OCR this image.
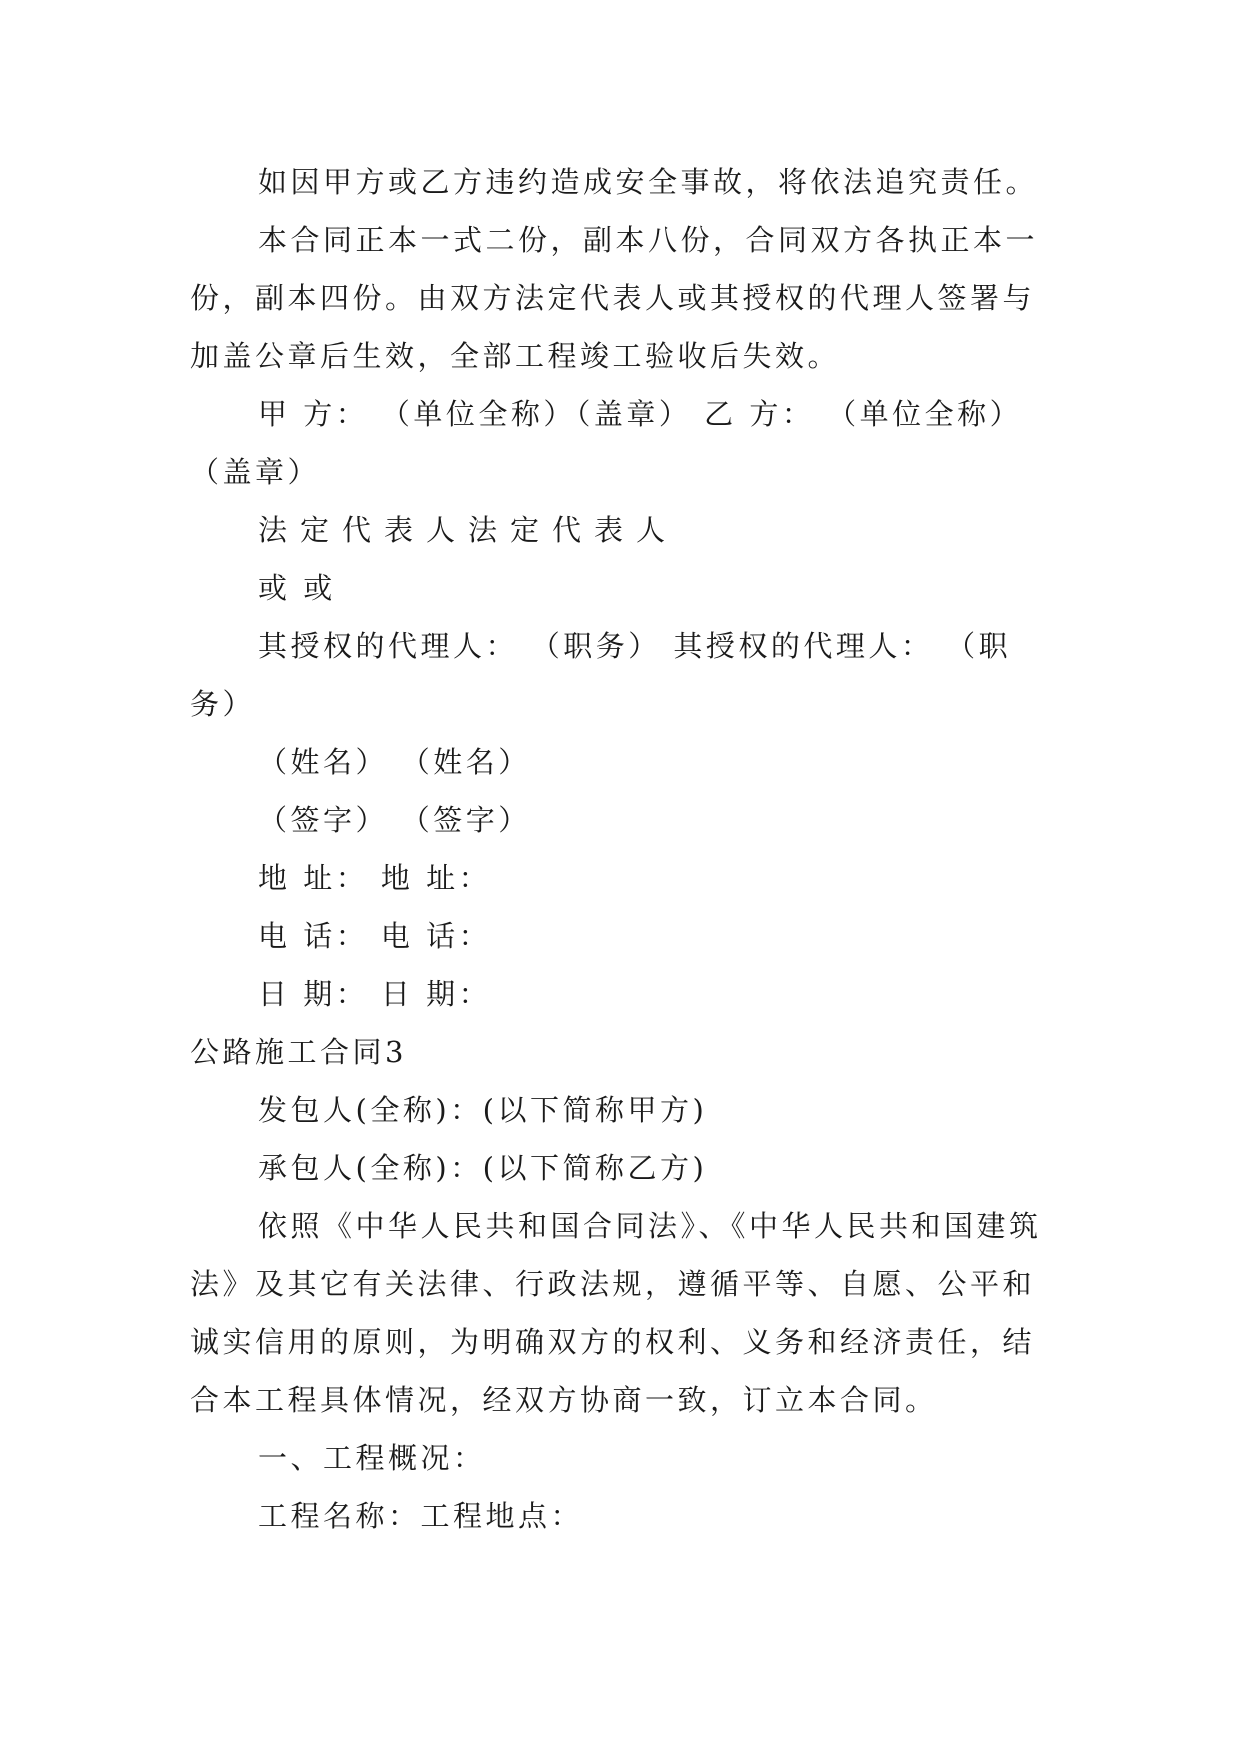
如因甲方或乙方违约造成安全事故，将依法追究责任。

本合同正本一式二份，副本八份，合同双方各执正本一份，副本四份。由双方法定代表人或其授权的代理人签署与加盖公章后生效，全部工程竣工验收后失效。

甲 方： （单位全称）（盖章） 乙 方： （单位全称）（盖章）

法定代表人法定代表人

或 或

其授权的代理人： （职务） 其授权的代理人： （职务）

（姓名） （姓名）

（签字） （签字）

地 址： 地 址：

电 话： 电 话：

日 期： 日 期：

公路施工合同3

发包人(全称)：(以下简称甲方)

承包人(全称)：(以下简称乙方)

依照《中华人民共和国合同法》、《中华人民共和国建筑法》及其它有关法律、行政法规，遵循平等、自愿、公平和诚实信用的原则，为明确双方的权利、义务和经济责任，结合本工程具体情况，经双方协商一致，订立本合同。

一、工程概况：

工程名称：工程地点：
